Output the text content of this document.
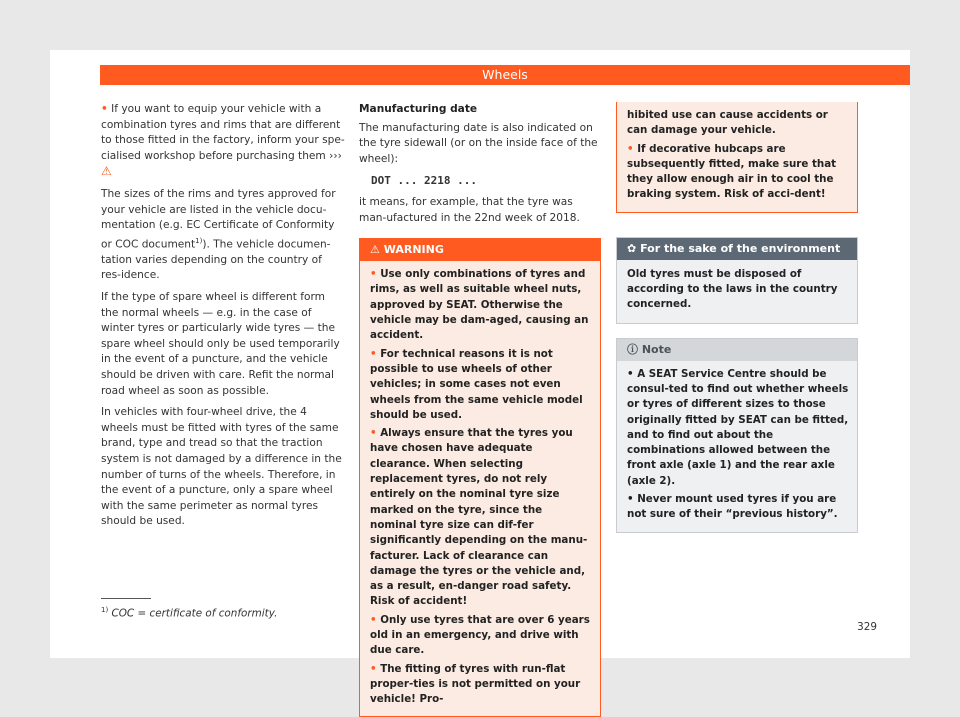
Wheels

• If you want to equip your vehicle with a combination tyres and rims that are different to those fitted in the factory, inform your spe-cialised workshop before purchasing them ››› ⚠

The sizes of the rims and tyres approved for your vehicle are listed in the vehicle docu-mentation (e.g. EC Certificate of Conformity or COC document$^{1)}$). The vehicle documen-tation varies depending on the country of res-idence.

If the type of spare wheel is different form the normal wheels — e.g. in the case of winter tyres or particularly wide tyres — the spare wheel should only be used temporarily in the event of a puncture, and the vehicle should be driven with care. Refit the normal road wheel as soon as possible.

In vehicles with four-wheel drive, the 4 wheels must be fitted with tyres of the same brand, type and tread so that the traction system is not damaged by a difference in the number of turns of the wheels. Therefore, in the event of a puncture, only a spare wheel with the same perimeter as normal tyres should be used.

Manufacturing date

The manufacturing date is also indicated on the tyre sidewall (or on the inside face of the wheel):

DOT ... 2218 ...

it means, for example, that the tyre was man-ufactured in the 22nd week of 2018.

⚠ WARNING

• Use only combinations of tyres and rims, as well as suitable wheel nuts, approved by SEAT. Otherwise the vehicle may be dam-aged, causing an accident.

• For technical reasons it is not possible to use wheels of other vehicles; in some cases not even wheels from the same vehicle model should be used.

• Always ensure that the tyres you have chosen have adequate clearance. When selecting replacement tyres, do not rely entirely on the nominal tyre size marked on the tyre, since the nominal tyre size can dif-fer significantly depending on the manu-facturer. Lack of clearance can damage the tyres or the vehicle and, as a result, en-danger road safety. Risk of accident!

• Only use tyres that are over 6 years old in an emergency, and drive with due care.

• The fitting of tyres with run-flat proper-ties is not permitted on your vehicle! Pro-

hibited use can cause accidents or can damage your vehicle.

• If decorative hubcaps are subsequently fitted, make sure that they allow enough air in to cool the braking system. Risk of acci-dent!

✿ For the sake of the environment

Old tyres must be disposed of according to the laws in the country concerned.

ⓘ Note

• A SEAT Service Centre should be consul-ted to find out whether wheels or tyres of different sizes to those originally fitted by SEAT can be fitted, and to find out about the combinations allowed between the front axle (axle 1) and the rear axle (axle 2).

• Never mount used tyres if you are not sure of their “previous history”.

$^{1)}$ COC = certificate of conformity.
329
